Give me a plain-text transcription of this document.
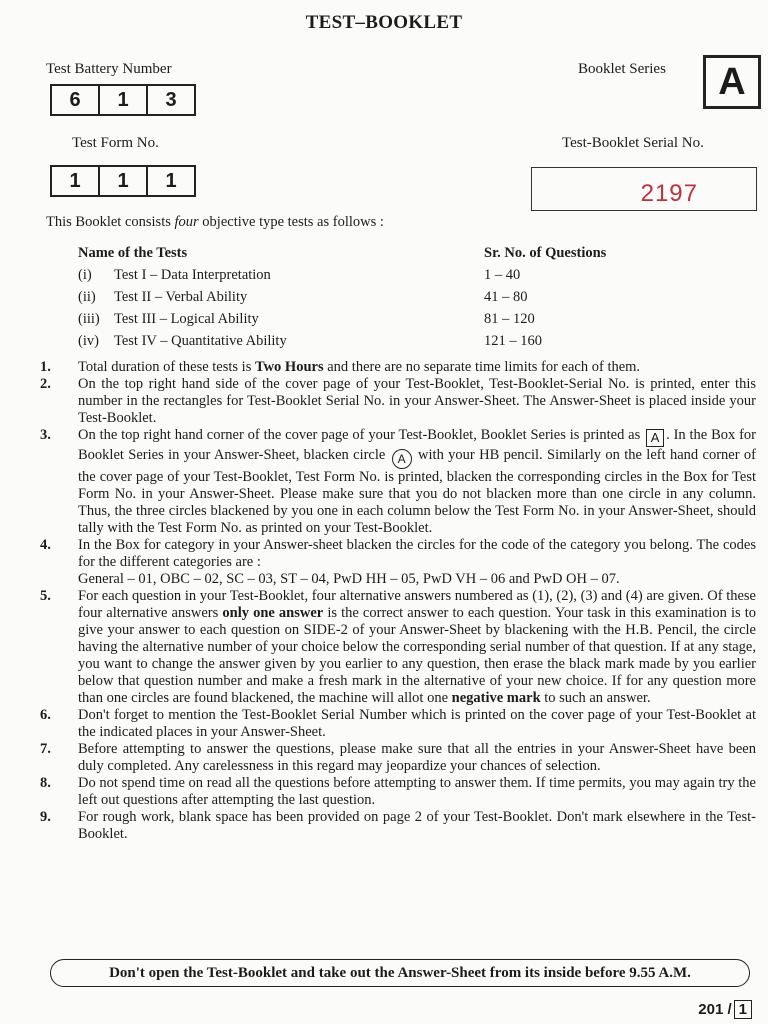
TEST–BOOKLET
Test Battery Number
6	1	3
Test Form No.
1	1	1
Booklet Series	A
Test-Booklet Serial No.
2197
This Booklet consists four objective type tests as follows :
Name of the Tests	Sr. No. of Questions
(i) Test I – Data Interpretation	1 – 40
(ii) Test II – Verbal Ability	41 – 80
(iii) Test III – Logical Ability	81 – 120
(iv) Test IV – Quantitative Ability	121 – 160
1.	Total duration of these tests is Two Hours and there are no separate time limits for each of them.
2.	On the top right hand side of the cover page of your Test-Booklet, Test-Booklet-Serial No. is printed, enter this number in the rectangles for Test-Booklet Serial No. in your Answer-Sheet. The Answer-Sheet is placed inside your Test-Booklet.
3.	On the top right hand corner of the cover page of your Test-Booklet, Booklet Series is printed as A . In the Box for Booklet Series in your Answer-Sheet, blacken circle A with your HB pencil. Similarly on the left hand corner of the cover page of your Test-Booklet, Test Form No. is printed, blacken the corresponding circles in the Box for Test Form No. in your Answer-Sheet. Please make sure that you do not blacken more than one circle in any column. Thus, the three circles blackened by you one in each column below the Test Form No. in your Answer-Sheet, should tally with the Test Form No. as printed on your Test-Booklet.
4.	In the Box for category in your Answer-sheet blacken the circles for the code of the category you belong. The codes for the different categories are :
General – 01, OBC – 02, SC – 03, ST – 04, PwD HH – 05, PwD VH – 06 and PwD OH – 07.
5.	For each question in your Test-Booklet, four alternative answers numbered as (1), (2), (3) and (4) are given. Of these four alternative answers only one answer is the correct answer to each question. Your task in this examination is to give your answer to each question on SIDE-2 of your Answer-Sheet by blackening with the H.B. Pencil, the circle having the alternative number of your choice below the corresponding serial number of that question. If at any stage, you want to change the answer given by you earlier to any question, then erase the black mark made by you earlier below that question number and make a fresh mark in the alternative of your new choice. If for any question more than one circles are found blackened, the machine will allot one negative mark to such an answer.
6.	Don't forget to mention the Test-Booklet Serial Number which is printed on the cover page of your Test-Booklet at the indicated places in your Answer-Sheet.
7.	Before attempting to answer the questions, please make sure that all the entries in your Answer-Sheet have been duly completed. Any carelessness in this regard may jeopardize your chances of selection.
8.	Do not spend time on read all the questions before attempting to answer them. If time permits, you may again try the left out questions after attempting the last question.
9.	For rough work, blank space has been provided on page 2 of your Test-Booklet. Don't mark elsewhere in the Test-Booklet.
Don't open the Test-Booklet and take out the Answer-Sheet from its inside before 9.55 A.M.
201 / 1
